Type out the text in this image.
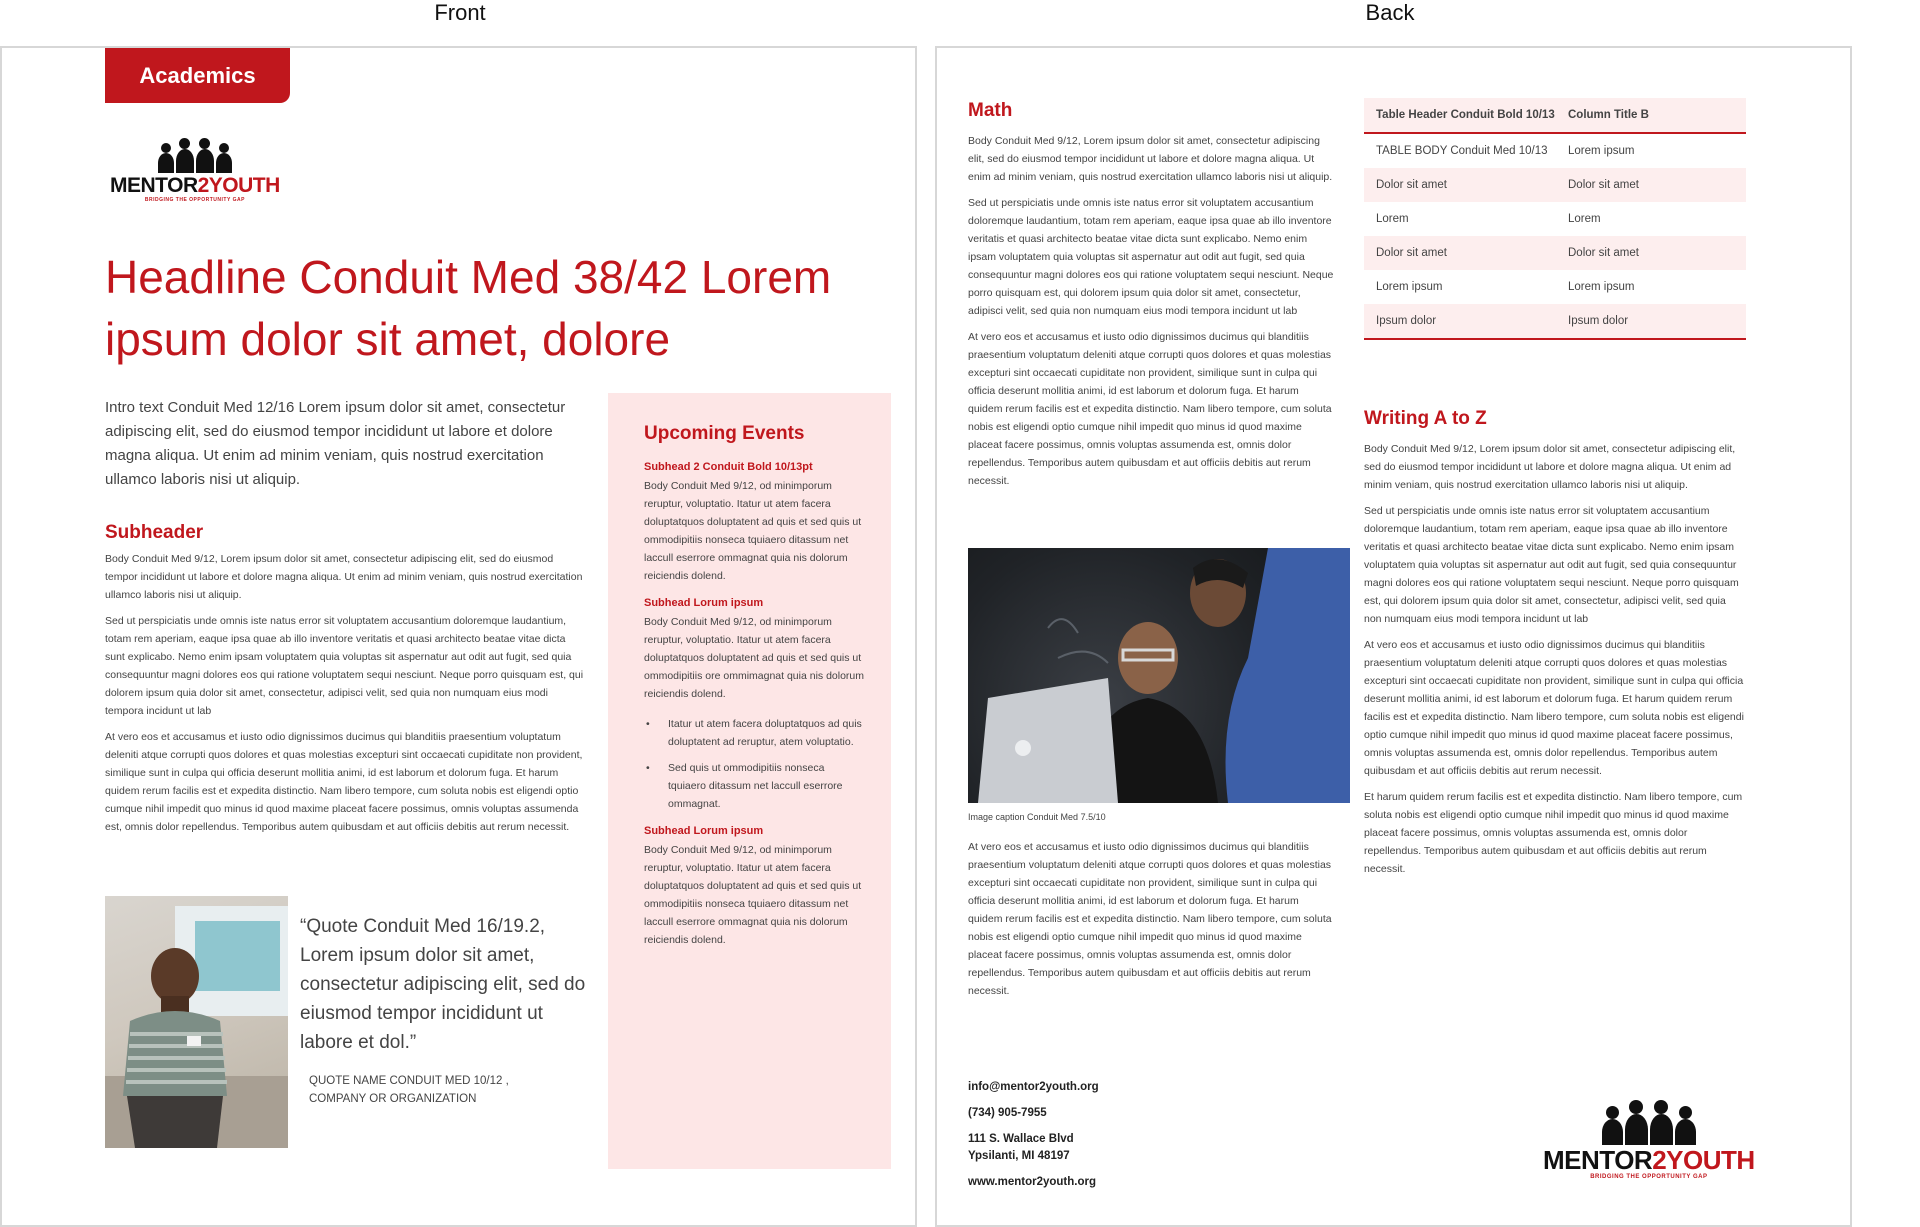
Front	Back
Academics
MENTOR 2YOUTH
BRIDGING THE OPPORTUNITY GAP
Headline Conduit Med 38/42 Lorem ipsum dolor sit amet, dolore
Intro text Conduit Med 12/16 Lorem ipsum dolor sit amet, consectetur adipiscing elit, sed do eiusmod tempor incididunt ut labore et dolore magna aliqua. Ut enim ad minim veniam, quis nostrud exercitation ullamco laboris nisi ut aliquip.
Subheader

Body Conduit Med 9/12, Lorem ipsum dolor sit amet, consectetur adipiscing elit, sed do eiusmod tempor incididunt ut labore et dolore magna aliqua. Ut enim ad minim veniam, quis nostrud exercitation ullamco laboris nisi ut aliquip.

Sed ut perspiciatis unde omnis iste natus error sit voluptatem accusantium doloremque laudantium, totam rem aperiam, eaque ipsa quae ab illo inventore veritatis et quasi architecto beatae vitae dicta sunt explicabo. Nemo enim ipsam voluptatem quia voluptas sit aspernatur aut odit aut fugit, sed quia consequuntur magni dolores eos qui ratione voluptatem sequi nesciunt. Neque porro quisquam est, qui dolorem ipsum quia dolor sit amet, consectetur, adipisci velit, sed quia non numquam eius modi tempora incidunt ut lab

At vero eos et accusamus et iusto odio dignissimos ducimus qui blanditiis praesentium voluptatum deleniti atque corrupti quos dolores et quas molestias excepturi sint occaecati cupiditate non provident, similique sunt in culpa qui officia deserunt mollitia animi, id est laborum et dolorum fuga. Et harum quidem rerum facilis est et expedita distinctio. Nam libero tempore, cum soluta nobis est eligendi optio cumque nihil impedit quo minus id quod maxime placeat facere possimus, omnis voluptas assumenda est, omnis dolor repellendus. Temporibus autem quibusdam et aut officiis debitis aut rerum necessit.

“Quote Conduit Med 16/19.2, Lorem ipsum dolor sit amet, consectetur adipiscing elit, sed do eiusmod tempor incididunt ut labore et dol.”
QUOTE NAME CONDUIT MED 10/12 , COMPANY OR ORGANIZATION
Upcoming Events
Subhead 2 Conduit Bold 10/13pt
Body Conduit Med 9/12, od minimporum reruptur, voluptatio. Itatur ut atem facera doluptatquos doluptatent ad quis et sed quis ut ommodipitiis nonseca tquiaero ditassum net laccull eserrore ommagnat quia nis dolorum reiciendis dolend.
Subhead Lorum ipsum
Body Conduit Med 9/12, od minimporum reruptur, voluptatio. Itatur ut atem facera doluptatquos doluptatent ad quis et sed quis ut ommodipitiis ore ommimagnat quia nis dolorum reiciendis dolend.
• Itatur ut atem facera doluptatquos ad quis doluptatent ad reruptur, atem voluptatio.
• Sed quis ut ommodipitiis nonseca tquiaero ditassum net laccull eserrore ommagnat.
Subhead Lorum ipsum
Body Conduit Med 9/12, od minimporum reruptur, voluptatio. Itatur ut atem facera doluptatquos doluptatent ad quis et sed quis ut ommodipitiis nonseca tquiaero ditassum net laccull eserrore ommagnat quia nis dolorum reiciendis dolend.
Math

Body Conduit Med 9/12, Lorem ipsum dolor sit amet, consectetur adipiscing elit, sed do eiusmod tempor incididunt ut labore et dolore magna aliqua. Ut enim ad minim veniam, quis nostrud exercitation ullamco laboris nisi ut aliquip.

Sed ut perspiciatis unde omnis iste natus error sit voluptatem accusantium doloremque laudantium, totam rem aperiam, eaque ipsa quae ab illo inventore veritatis et quasi architecto beatae vitae dicta sunt explicabo. Nemo enim ipsam voluptatem quia voluptas sit aspernatur aut odit aut fugit, sed quia consequuntur magni dolores eos qui ratione voluptatem sequi nesciunt. Neque porro quisquam est, qui dolorem ipsum quia dolor sit amet, consectetur, adipisci velit, sed quia non numquam eius modi tempora incidunt ut lab

At vero eos et accusamus et iusto odio dignissimos ducimus qui blanditiis praesentium voluptatum deleniti atque corrupti quos dolores et quas molestias excepturi sint occaecati cupiditate non provident, similique sunt in culpa qui officia deserunt mollitia animi, id est laborum et dolorum fuga. Et harum quidem rerum facilis est et expedita distinctio. Nam libero tempore, cum soluta nobis est eligendi optio cumque nihil impedit quo minus id quod maxime placeat facere possimus, omnis voluptas assumenda est, omnis dolor repellendus. Temporibus autem quibusdam et aut officiis debitis aut rerum necessit.

Image caption Conduit Med 7.5/10

At vero eos et accusamus et iusto odio dignissimos ducimus qui blanditiis praesentium voluptatum deleniti atque corrupti quos dolores et quas molestias excepturi sint occaecati cupiditate non provident, similique sunt in culpa qui officia deserunt mollitia animi, id est laborum et dolorum fuga. Et harum quidem rerum facilis est et expedita distinctio. Nam libero tempore, cum soluta nobis est eligendi optio cumque nihil impedit quo minus id quod maxime placeat facere possimus, omnis voluptas assumenda est, omnis dolor repellendus. Temporibus autem quibusdam et aut officiis debitis aut rerum necessit.

info@mentor2youth.org
(734) 905-7955
111 S. Wallace Blvd
Ypsilanti, MI 48197
www.mentor2youth.org
Table Header Conduit Bold 10/13	Column Title B
TABLE BODY Conduit Med 10/13	Lorem ipsum
Dolor sit amet	Dolor sit amet
Lorem	Lorem
Dolor sit amet	Dolor sit amet
Lorem ipsum	Lorem ipsum
Ipsum dolor	Ipsum dolor
Writing A to Z

Body Conduit Med 9/12, Lorem ipsum dolor sit amet, consectetur adipiscing elit, sed do eiusmod tempor incididunt ut labore et dolore magna aliqua. Ut enim ad minim veniam, quis nostrud exercitation ullamco laboris nisi ut aliquip.

Sed ut perspiciatis unde omnis iste natus error sit voluptatem accusantium doloremque laudantium, totam rem aperiam, eaque ipsa quae ab illo inventore veritatis et quasi architecto beatae vitae dicta sunt explicabo. Nemo enim ipsam voluptatem quia voluptas sit aspernatur aut odit aut fugit, sed quia consequuntur magni dolores eos qui ratione voluptatem sequi nesciunt. Neque porro quisquam est, qui dolorem ipsum quia dolor sit amet, consectetur, adipisci velit, sed quia non numquam eius modi tempora incidunt ut lab

At vero eos et accusamus et iusto odio dignissimos ducimus qui blanditiis praesentium voluptatum deleniti atque corrupti quos dolores et quas molestias excepturi sint occaecati cupiditate non provident, similique sunt in culpa qui officia deserunt mollitia animi, id est laborum et dolorum fuga. Et harum quidem rerum facilis est et expedita distinctio. Nam libero tempore, cum soluta nobis est eligendi optio cumque nihil impedit quo minus id quod maxime placeat facere possimus, omnis voluptas assumenda est, omnis dolor repellendus. Temporibus autem quibusdam et aut officiis debitis aut rerum necessit.

Et harum quidem rerum facilis est et expedita distinctio. Nam libero tempore, cum soluta nobis est eligendi optio cumque nihil impedit quo minus id quod maxime placeat facere possimus, omnis voluptas assumenda est, omnis dolor repellendus. Temporibus autem quibusdam et aut officiis debitis aut rerum necessit.

MENTOR 2YOUTH
BRIDGING THE OPPORTUNITY GAP
